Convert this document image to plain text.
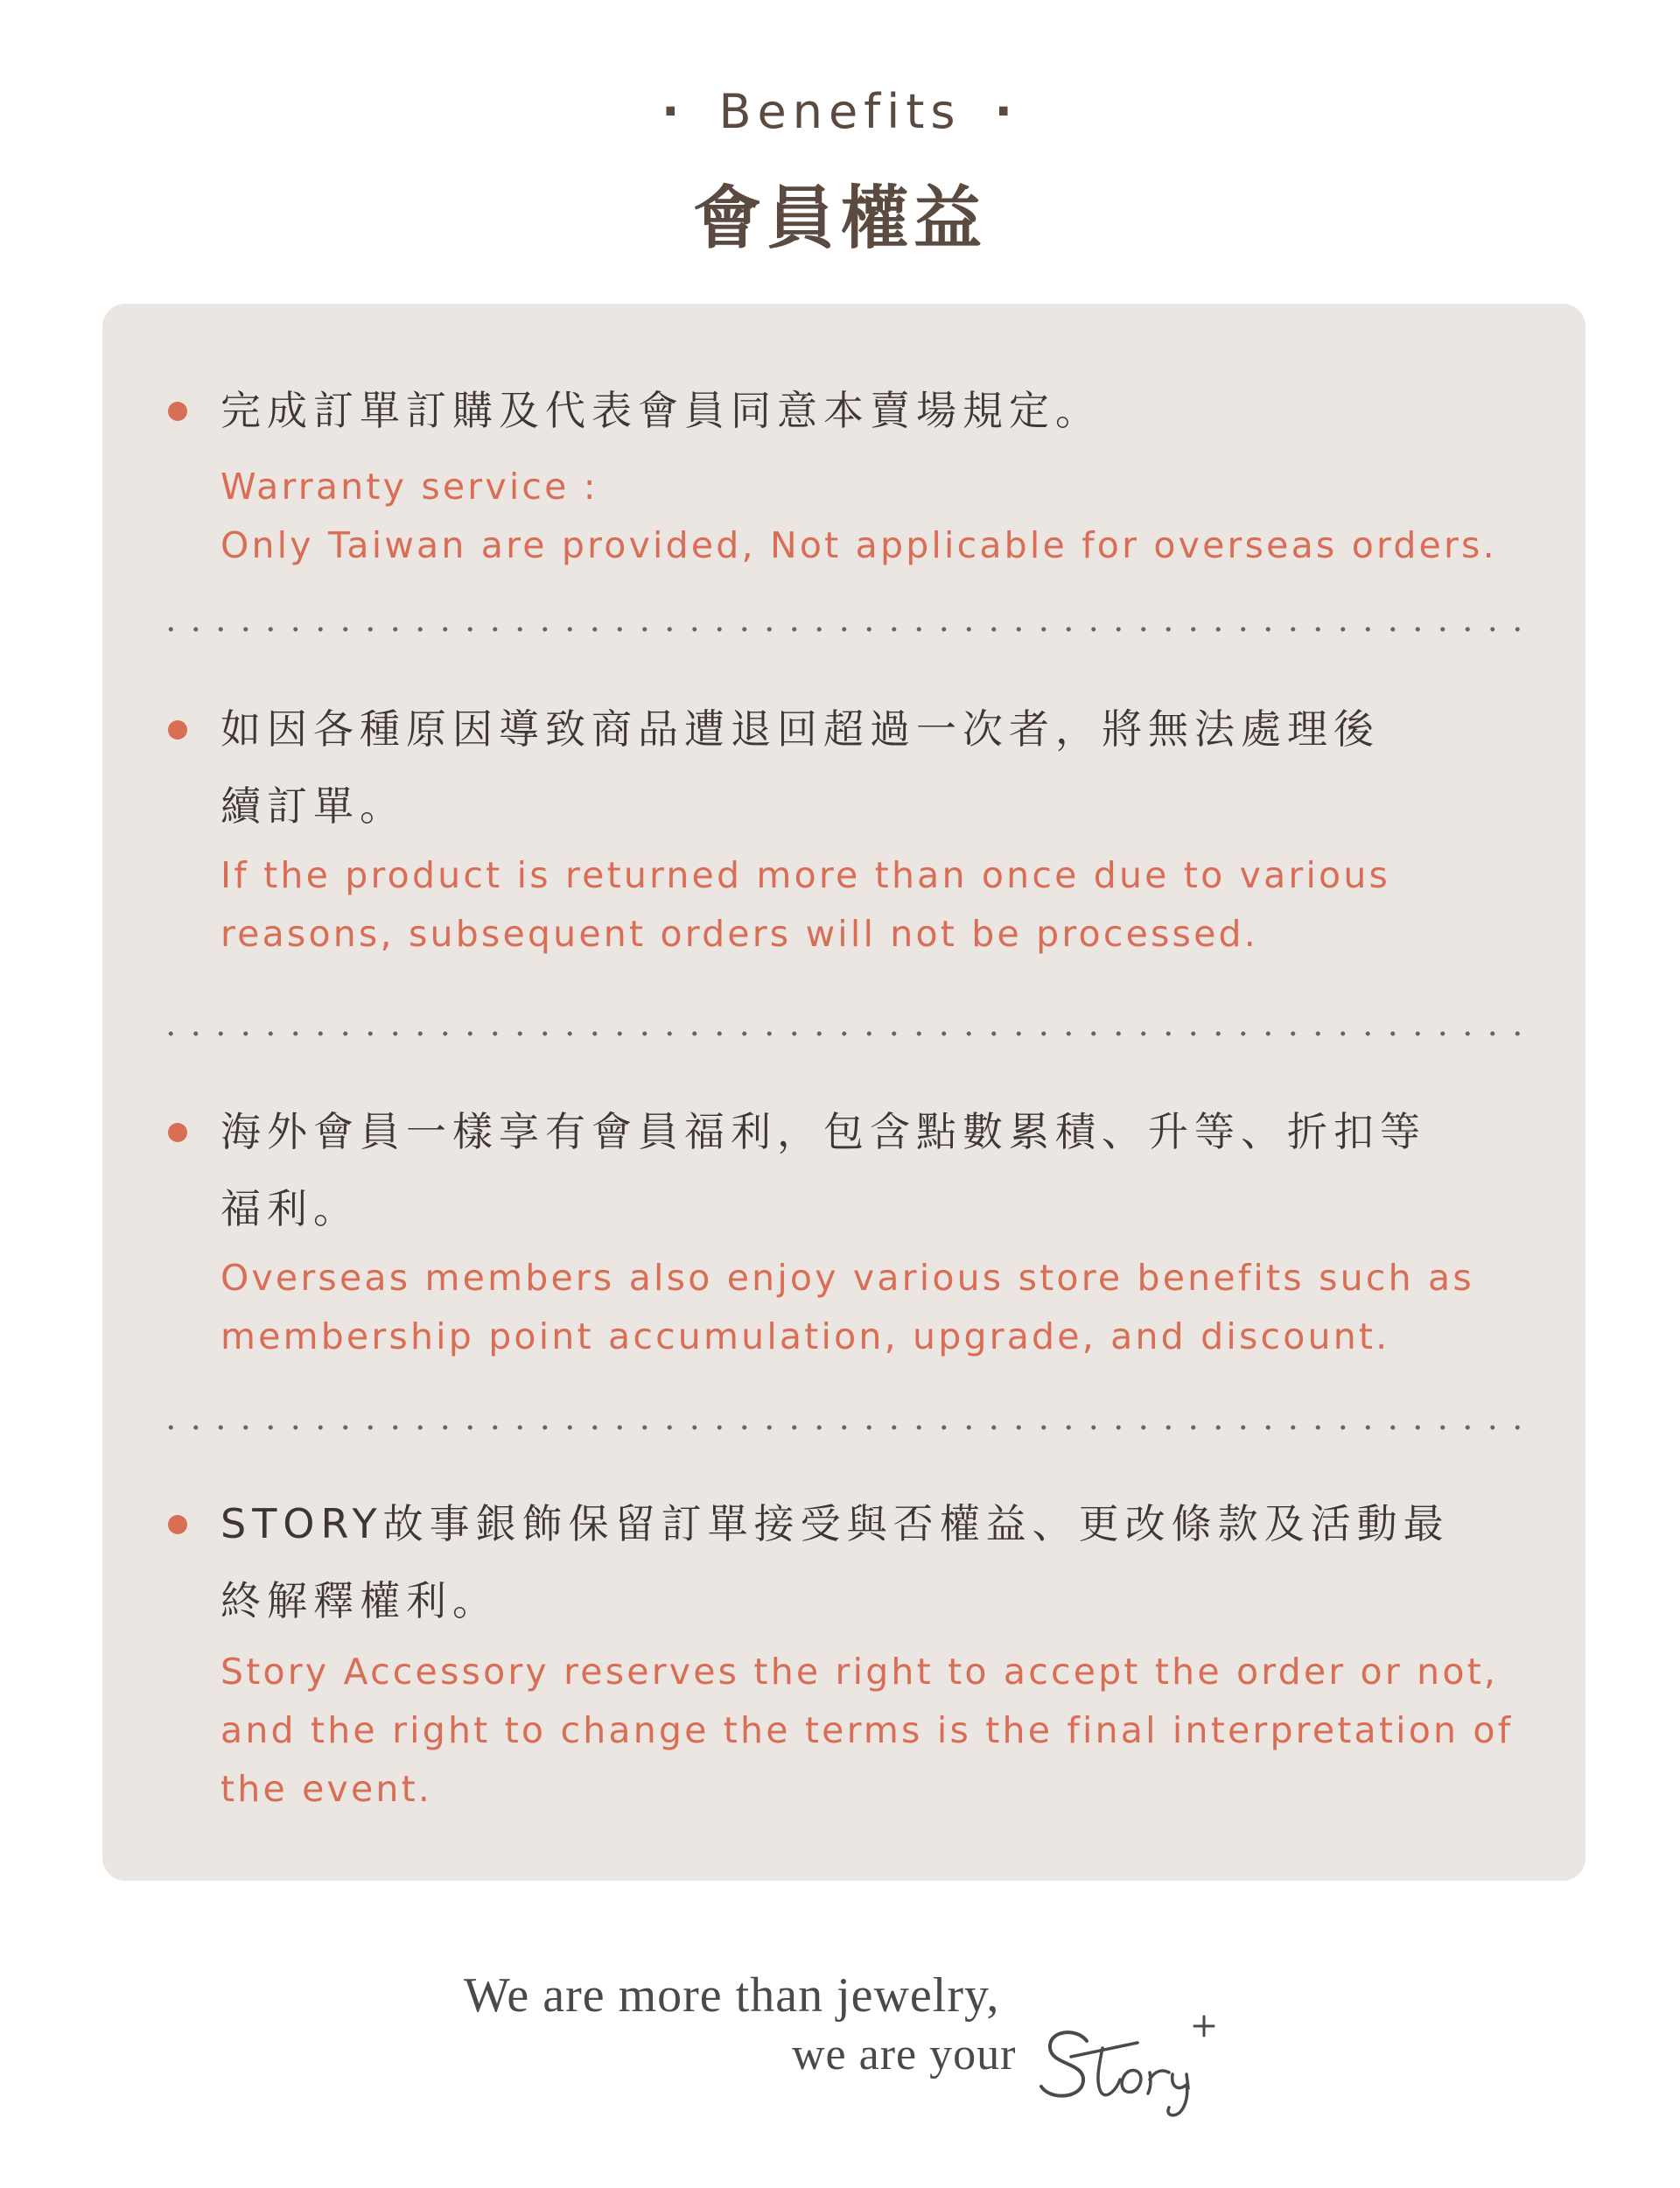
· Benefits ·
會員權益
完成訂單訂購及代表會員同意本賣場規定。
Warranty service :
Only Taiwan are provided, Not applicable for overseas orders.
如因各種原因導致商品遭退回超過一次者，將無法處理後
續訂單。
If the product is returned more than once due to various
reasons, subsequent orders will not be processed.
海外會員一樣享有會員福利，包含點數累積、升等、折扣等
福利。
Overseas members also enjoy various store benefits such as
membership point accumulation, upgrade, and discount.
STORY故事銀飾保留訂單接受與否權益、更改條款及活動最
終解釋權利。
Story Accessory reserves the right to accept the order or not,
and the right to change the terms is the final interpretation of
the event.
We are more than jewelry,
we are your
